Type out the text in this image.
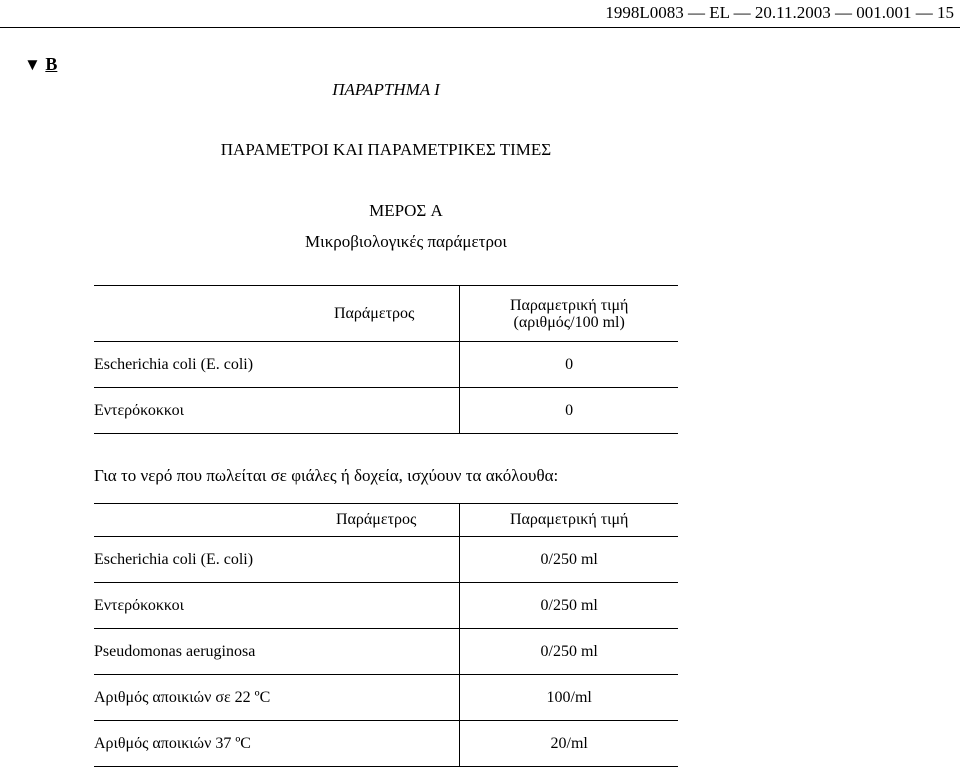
1998L0083 — EL — 20.11.2003 — 001.001 — 15
▼ B
ΠΑΡΑΡΤΗΜΑ I
ΠΑΡΑΜΕΤΡΟΙ ΚΑΙ ΠΑΡΑΜΕΤΡΙΚΕΣ ΤΙΜΕΣ
ΜΕΡΟΣ A
Μικροβιολογικές παράμετροι
Παράμετρος	Παραμετρική τιμή
(αριθμός/100 ml)
Escherichia coli (E. coli)	0
Εντερόκοκκοι	0
Για το νερό που πωλείται σε φιάλες ή δοχεία, ισχύουν τα ακόλουθα:
Παράμετρος	Παραμετρική τιμή
Escherichia coli (E. coli)	0/250 ml
Εντερόκοκκοι	0/250 ml
Pseudomonas aeruginosa	0/250 ml
Αριθμός αποικιών σε 22 ºC	100/ml
Αριθμός αποικιών 37 ºC	20/ml
